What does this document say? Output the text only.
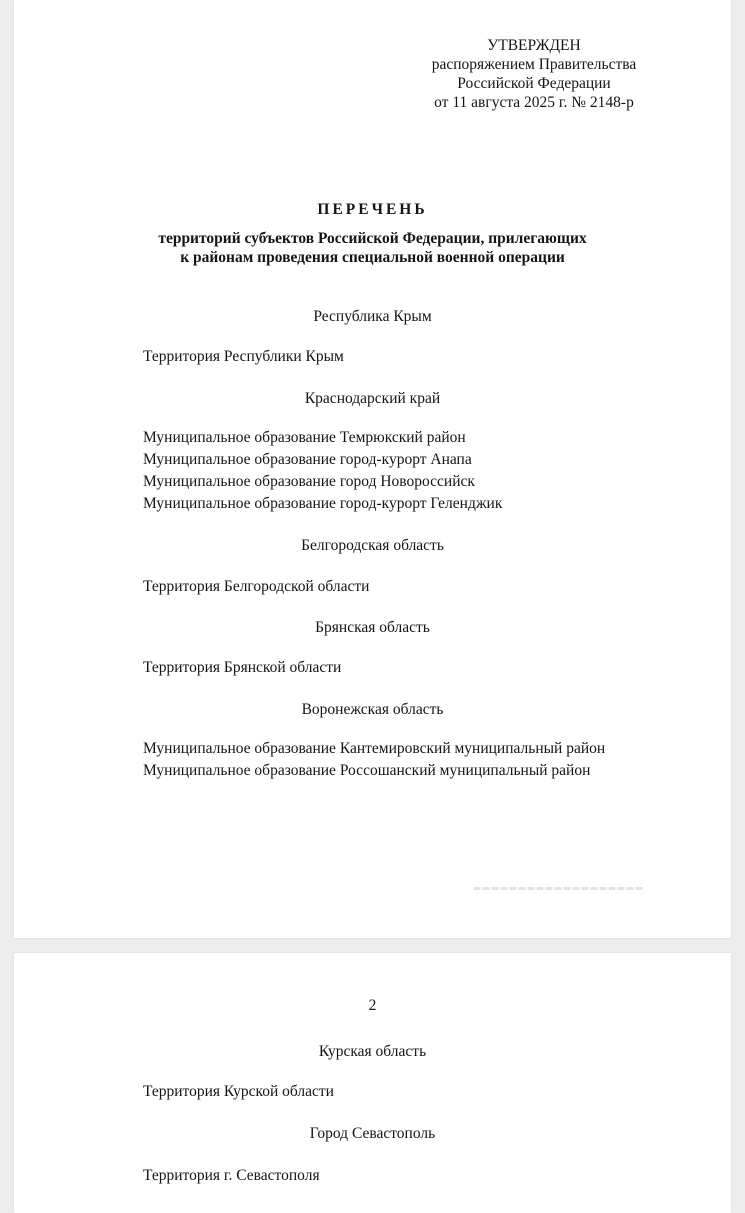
УТВЕРЖДЕН
распоряжением Правительства
Российской Федерации
от 11 августа 2025 г. № 2148-р
ПЕРЕЧЕНЬ
территорий субъектов Российской Федерации, прилегающих
к районам проведения специальной военной операции
Республика Крым
Территория Республики Крым
Краснодарский край
Муниципальное образование Темрюкский район
Муниципальное образование город-курорт Анапа
Муниципальное образование город Новороссийск
Муниципальное образование город-курорт Геленджик
Белгородская область
Территория Белгородской области
Брянская область
Территория Брянской области
Воронежская область
Муниципальное образование Кантемировский муниципальный район
Муниципальное образование Россошанский муниципальный район
2
Курская область
Территория Курской области
Город Севастополь
Территория г. Севастополя
